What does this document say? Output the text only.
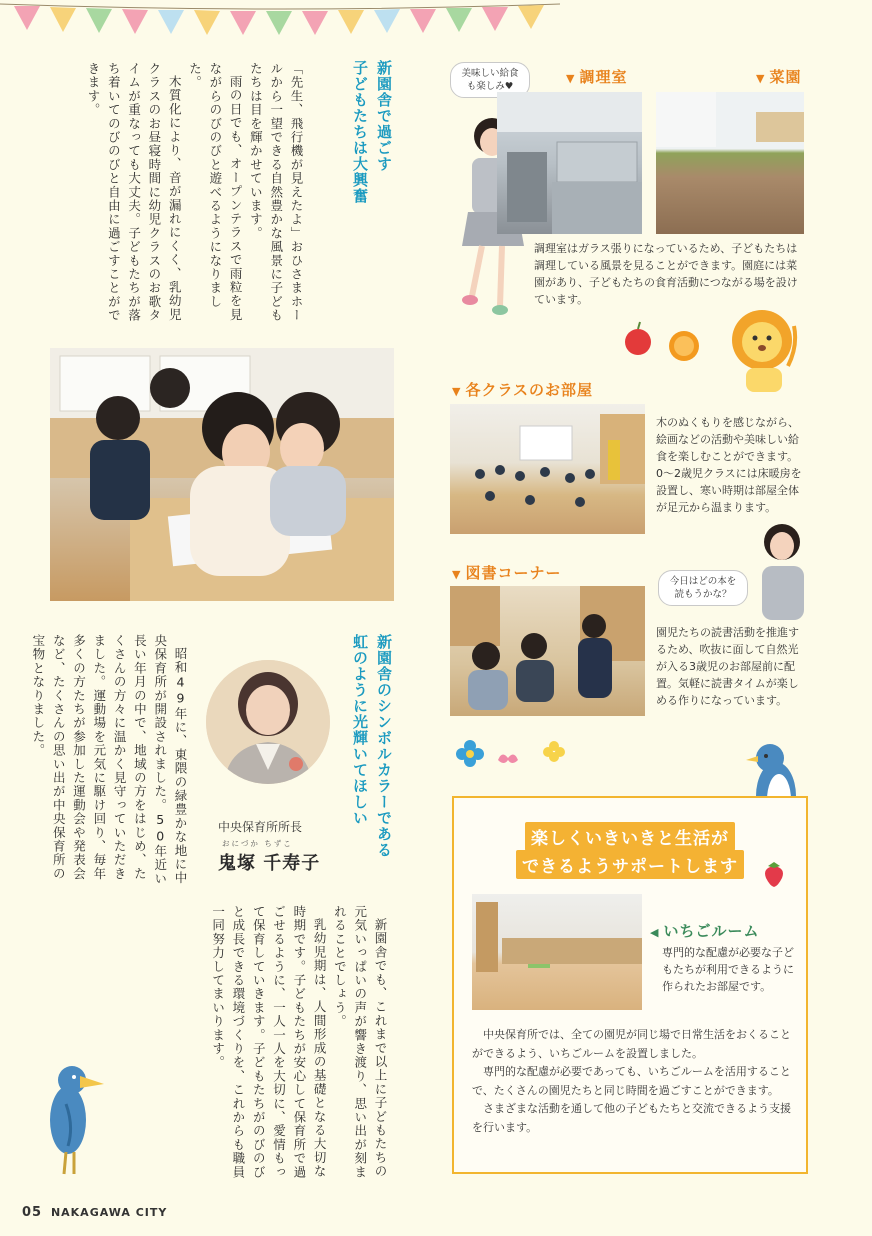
新園舎で過ごす
子どもたちは大興奮

「先生、飛行機が見えたよ」おひさまホールから一望できる自然豊かな風景に子どもたちは目を輝かせています。

雨の日でも、オープンテラスで雨粒を見ながらのびのびと遊べるようになりました。

木質化により、音が漏れにくく、乳幼児クラスのお昼寝時間に幼児クラスのお歌タイムが重なっても大丈夫。子どもたちが落ち着いてのびのびと自由に過ごすことができます。

新園舎のシンボルカラーである
虹のように光輝いてほしい
中央保育所所長
おにづか ちずこ
鬼塚 千寿子

昭和49年に、東隈の緑豊かな地に中央保育所が開設されました。50年近い長い年月の中で、地域の方をはじめ、たくさんの方々に温かく見守っていただきました。運動場を元気に駆け回り、毎年多くの方たちが参加した運動会や発表会など、たくさんの思い出が中央保育所の宝物となりました。

新園舎でも、これまで以上に子どもたちの元気いっぱいの声が響き渡り、思い出が刻まれることでしょう。

乳幼児期は、人間形成の基礎となる大切な時期です。子どもたちが安心して保育所で過ごせるように、一人一人を大切に、愛情もって保育していきます。子どもたちがのびのびと成長できる環境づくりを、これからも職員一同努力してまいります。

美味しい給食も楽しみ♥
▼ 調理室	▼ 菜園
調理室はガラス張りになっているため、子どもたちは調理している風景を見ることができます。園庭には菜園があり、子どもたちの食育活動につながる場を設けています。
▼ 各クラスのお部屋
木のぬくもりを感じながら、絵画などの活動や美味しい給食を楽しむことができます。0～2歳児クラスには床暖房を設置し、寒い時期は部屋全体が足元から温まります。
今日はどの本を読もうかな？
▼ 図書コーナー
園児たちの読書活動を推進するため、吹抜に面して自然光が入る3歳児のお部屋前に配置。気軽に読書タイムが楽しめる作りになっています。
楽しくいきいきと生活が
できるようサポートします
◀ いちごルーム
専門的な配慮が必要な子どもたちが利用できるように作られたお部屋です。

中央保育所では、全ての園児が同じ場で日常生活をおくることができるよう、いちごルームを設置しました。

専門的な配慮が必要であっても、いちごルームを活用することで、たくさんの園児たちと同じ時間を過ごすことができます。

さまざまな活動を通して他の子どもたちと交流できるよう支援を行います。

05 NAKAGAWA CITY
